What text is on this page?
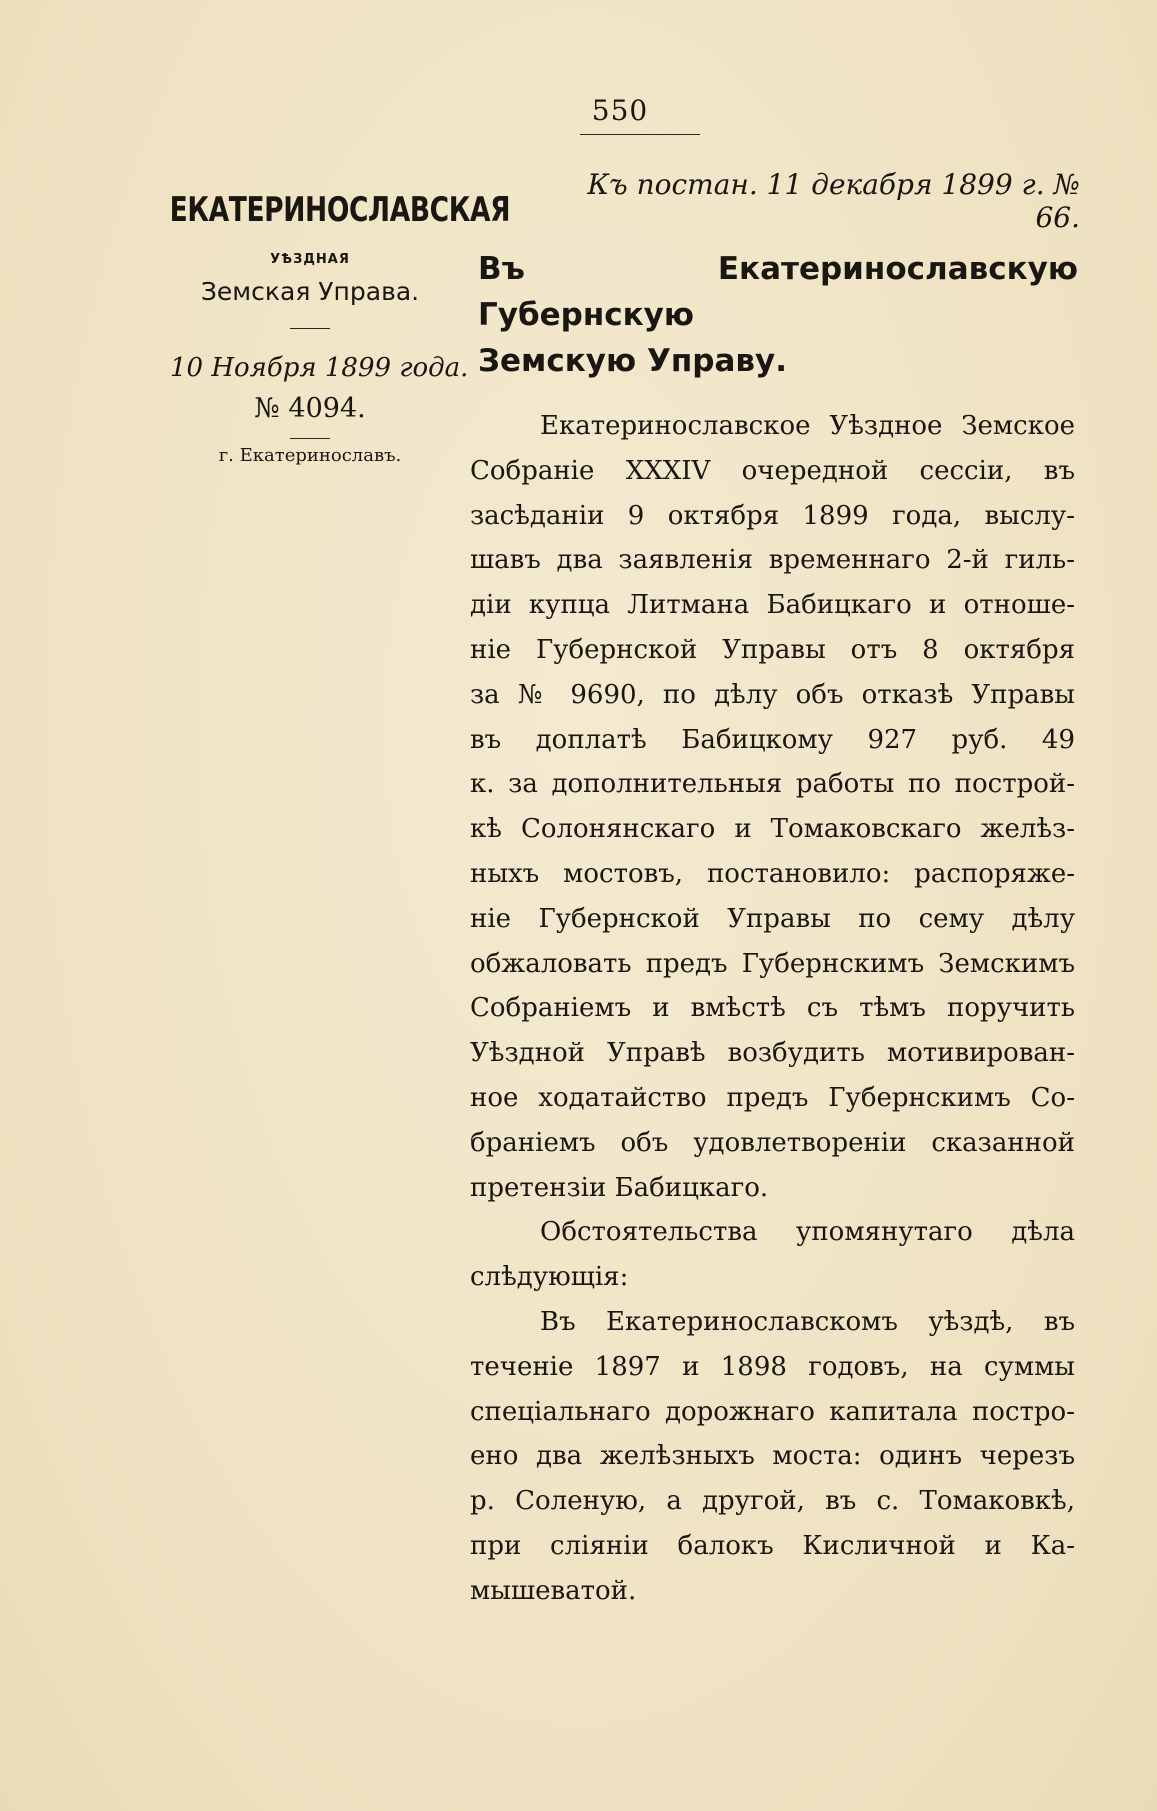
550
ЕКАТЕРИНОСЛАВСКАЯ
УѢЗДНАЯ
Земская Управа.
10 Ноября 1899 года.
№ 4094.
г. Екатеринославъ.
Къ постан. 11 декабря 1899 г. № 66.
Въ Екатеринославскую Губернскую
Земскую Управу.

Екатеринославское Уѣздное Земское

Собраніе XXXIV очередной сессіи, въ

засѣданіи 9 октября 1899 года, выслу-

шавъ два заявленія временнаго 2-й гиль-

діи купца Литмана Бабицкаго и отноше-

ніе Губернской Управы отъ 8 октября

за № 9690, по дѣлу объ отказѣ Управы

въ доплатѣ Бабицкому 927 руб. 49

к. за дополнительныя работы по построй-

кѣ Солонянскаго и Томаковскаго желѣз-

ныхъ мостовъ, постановило: распоряже-

ніе Губернской Управы по сему дѣлу

обжаловать предъ Губернскимъ Земскимъ

Собраніемъ и вмѣстѣ съ тѣмъ поручить

Уѣздной Управѣ возбудить мотивирован-

ное ходатайство предъ Губернскимъ Со-

браніемъ объ удовлетвореніи сказанной

претензіи Бабицкаго.

Обстоятельства упомянутаго дѣла

слѣдующія:

Въ Екатеринославскомъ уѣздѣ, въ

теченіе 1897 и 1898 годовъ, на суммы

спеціальнаго дорожнаго капитала постро-

ено два желѣзныхъ моста: одинъ черезъ

р. Соленую, а другой, въ с. Томаковкѣ,

при сліяніи балокъ Кисличной и Ка-

мышеватой.
